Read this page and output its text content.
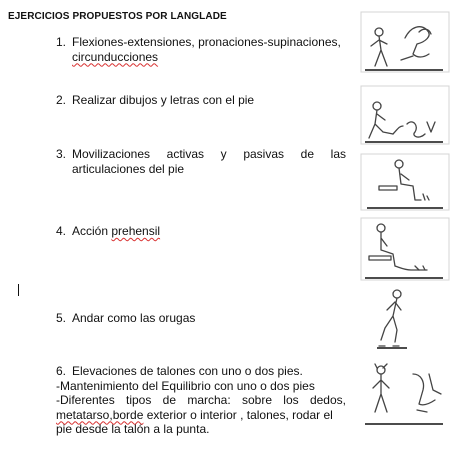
EJERCICIOS PROPUESTOS POR LANGLADE
1. Flexiones-extensiones, pronaciones-supinaciones,
circunducciones
2. Realizar dibujos y letras con el pie
3. Movilizaciones   activas   y   pasivas   de   las
articulaciones del pie
4. Acción prehensil
5. Andar como las orugas
6. Elevaciones de talones con uno o dos pies.
-Mantenimiento del Equilibrio con uno o dos pies
-Diferentes   tipos   de   marcha:   sobre   los   dedos,
metatarso,borde exterior o interior , talones, rodar el
pie desde la talón a la punta.
